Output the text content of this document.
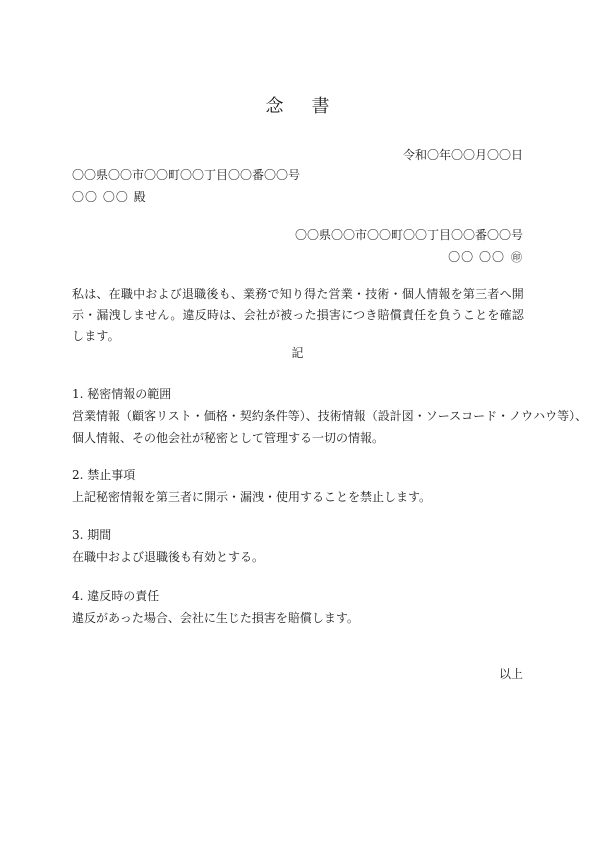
念書
令和〇年〇〇月〇〇日
〇〇県〇〇市〇〇町〇〇丁目〇〇番〇〇号
〇〇 〇〇 殿
〇〇県〇〇市〇〇町〇〇丁目〇〇番〇〇号
〇〇 〇〇 ㊞
私は、在職中および退職後も、業務で知り得た営業・技術・個人情報を第三者へ開示・漏洩しません。違反時は、会社が被った損害につき賠償責任を負うことを確認します。
記
1. 秘密情報の範囲
営業情報（顧客リスト・価格・契約条件等）、技術情報（設計図・ソースコード・ノウハウ等）、
個人情報、その他会社が秘密として管理する一切の情報。
2. 禁止事項
上記秘密情報を第三者に開示・漏洩・使用することを禁止します。
3. 期間
在職中および退職後も有効とする。
4. 違反時の責任
違反があった場合、会社に生じた損害を賠償します。
以上
